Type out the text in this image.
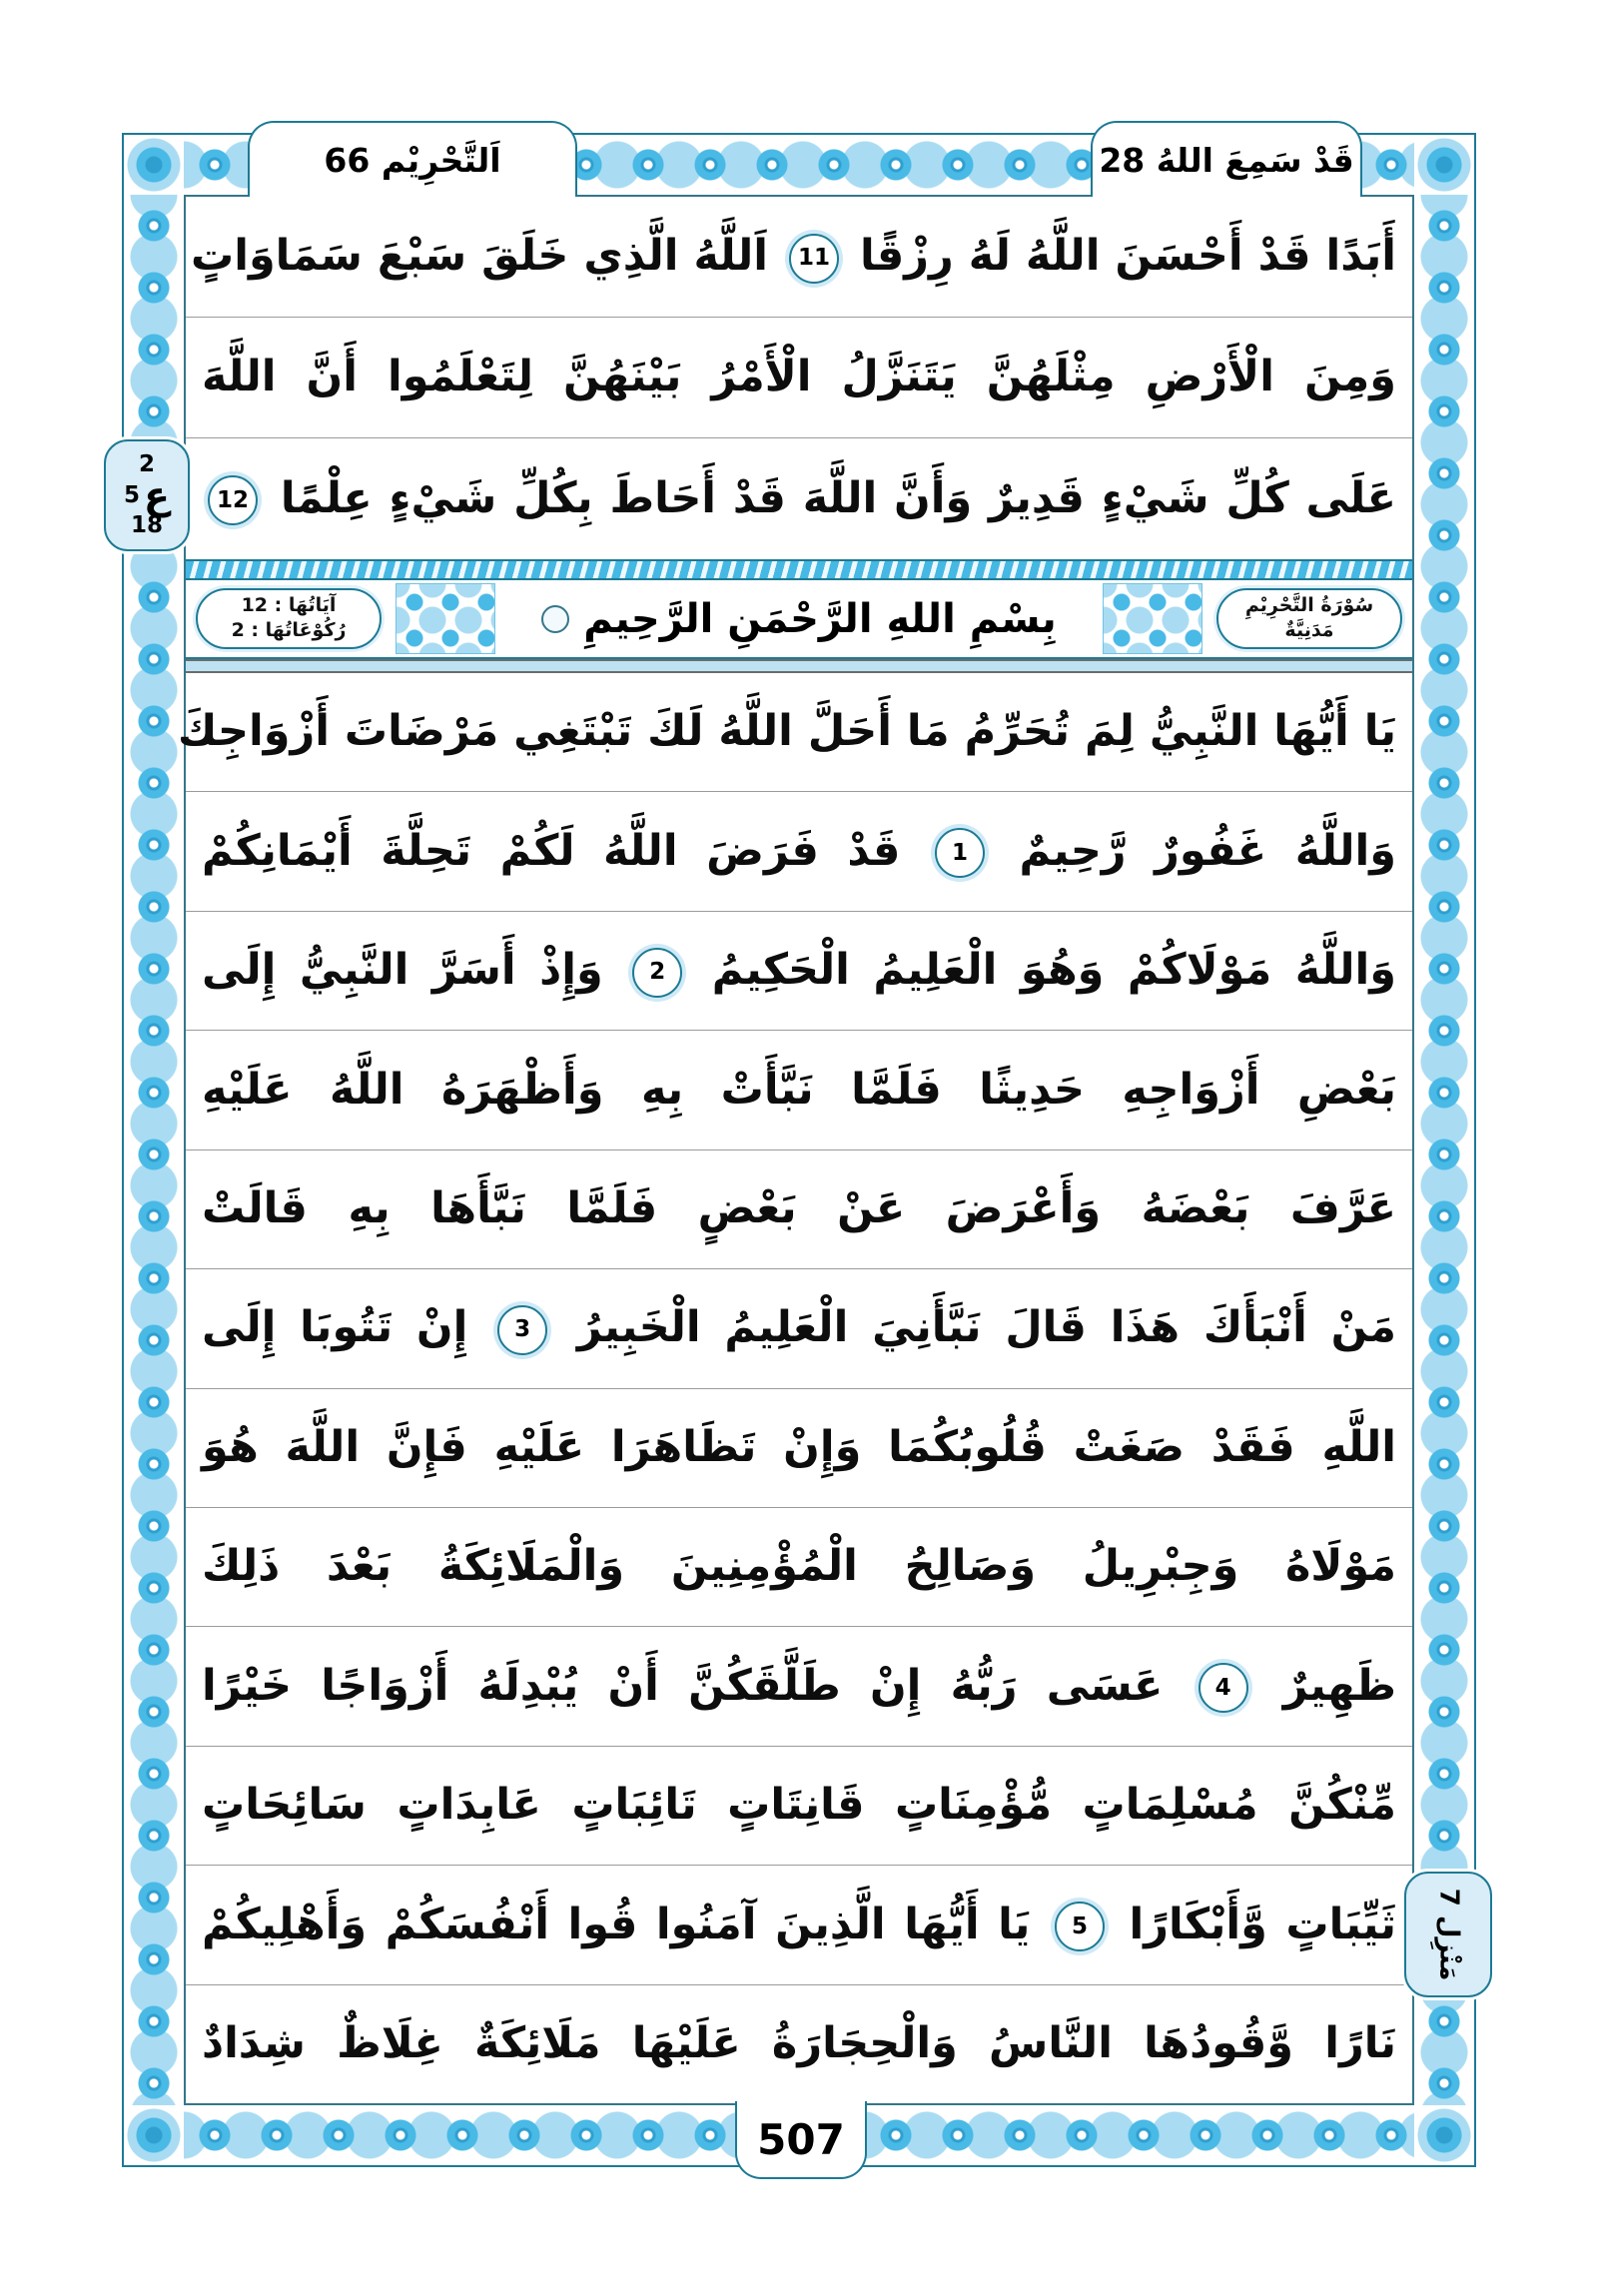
أَبَدًا قَدْ أَحْسَنَ اللَّهُ لَهُ رِزْقًا 11 اَللَّهُ الَّذِي خَلَقَ سَبْعَ سَمَاوَاتٍ
وَمِنَ الْأَرْضِ مِثْلَهُنَّ يَتَنَزَّلُ الْأَمْرُ بَيْنَهُنَّ لِتَعْلَمُوا أَنَّ اللَّهَ
عَلَى كُلِّ شَيْءٍ قَدِيرٌ وَأَنَّ اللَّهَ قَدْ أَحَاطَ بِكُلِّ شَيْءٍ عِلْمًا 12
سُوْرَةُ التَّحْرِيْمِ
مَدَنِيَّةٌ
بِسْمِ اللهِ الرَّحْمَنِ الرَّحِيمِ
آيَاتُهَا : 12
رُكُوْعَاتُهَا : 2
يَا أَيُّهَا النَّبِيُّ لِمَ تُحَرِّمُ مَا أَحَلَّ اللَّهُ لَكَ تَبْتَغِي مَرْضَاتَ أَزْوَاجِكَ
وَاللَّهُ غَفُورٌ رَّحِيمٌ 1 قَدْ فَرَضَ اللَّهُ لَكُمْ تَحِلَّةَ أَيْمَانِكُمْ
وَاللَّهُ مَوْلَاكُمْ وَهُوَ الْعَلِيمُ الْحَكِيمُ 2 وَإِذْ أَسَرَّ النَّبِيُّ إِلَى
بَعْضِ أَزْوَاجِهِ حَدِيثًا فَلَمَّا نَبَّأَتْ بِهِ وَأَظْهَرَهُ اللَّهُ عَلَيْهِ
عَرَّفَ بَعْضَهُ وَأَعْرَضَ عَنْ بَعْضٍ فَلَمَّا نَبَّأَهَا بِهِ قَالَتْ
مَنْ أَنْبَأَكَ هَذَا قَالَ نَبَّأَنِيَ الْعَلِيمُ الْخَبِيرُ 3 إِنْ تَتُوبَا إِلَى
اللَّهِ فَقَدْ صَغَتْ قُلُوبُكُمَا وَإِنْ تَظَاهَرَا عَلَيْهِ فَإِنَّ اللَّهَ هُوَ
مَوْلَاهُ وَجِبْرِيلُ وَصَالِحُ الْمُؤْمِنِينَ وَالْمَلَائِكَةُ بَعْدَ ذَلِكَ
ظَهِيرٌ 4 عَسَى رَبُّهُ إِنْ طَلَّقَكُنَّ أَنْ يُبْدِلَهُ أَزْوَاجًا خَيْرًا
مِّنْكُنَّ مُسْلِمَاتٍ مُّؤْمِنَاتٍ قَانِتَاتٍ تَائِبَاتٍ عَابِدَاتٍ سَائِحَاتٍ
ثَيِّبَاتٍ وَّأَبْكَارًا 5 يَا أَيُّهَا الَّذِينَ آمَنُوا قُوا أَنْفُسَكُمْ وَأَهْلِيكُمْ
نَارًا وَّقُودُهَا النَّاسُ وَالْحِجَارَةُ عَلَيْهَا مَلَائِكَةٌ غِلَاظٌ شِدَادٌ
اَلتَّحْرِيْم 66	قَدْ سَمِعَ اللهُ 28
2
ع
5
18
مَنْزِل 7
507
